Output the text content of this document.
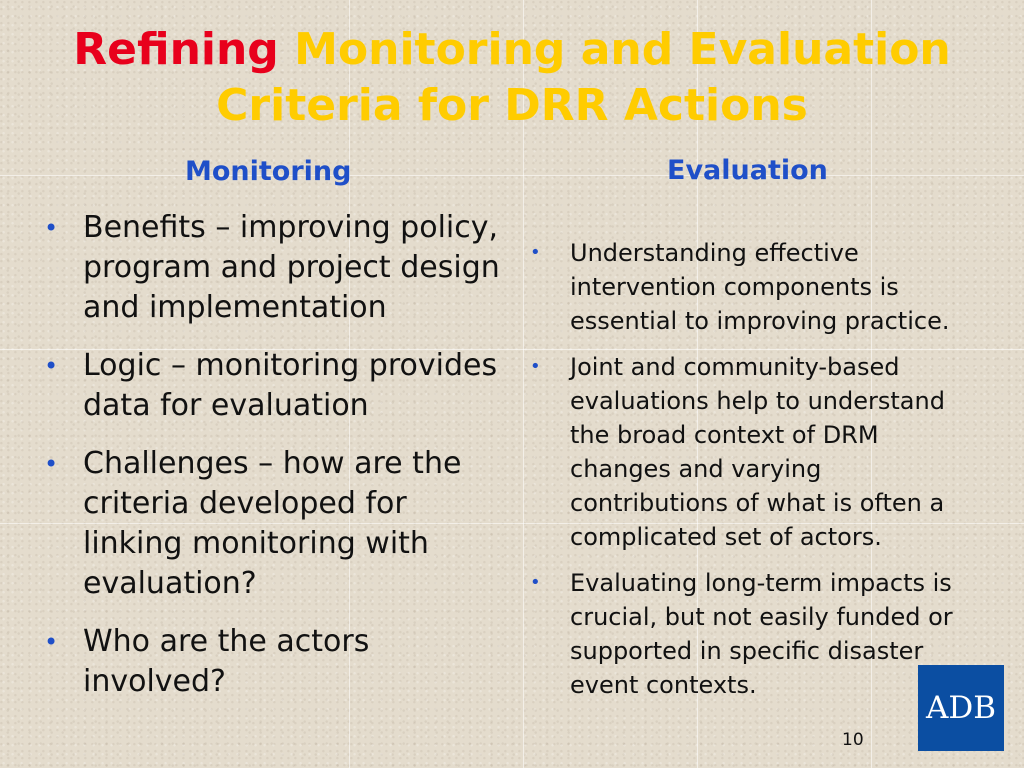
Refining Monitoring and Evaluation Criteria for DRR Actions
Monitoring	Evaluation
• Benefits – improving policy, program and project design and implementation
• Logic – monitoring provides data for evaluation
• Challenges – how are the criteria developed for linking monitoring with evaluation?
• Who are the actors involved?
• Understanding effective intervention components is essential to improving practice.
• Joint and community-based evaluations help to understand the broad context of DRM changes and varying contributions of what is often a complicated set of actors.
• Evaluating long-term impacts is crucial, but not easily funded or supported in specific disaster event contexts.
ADB
10
